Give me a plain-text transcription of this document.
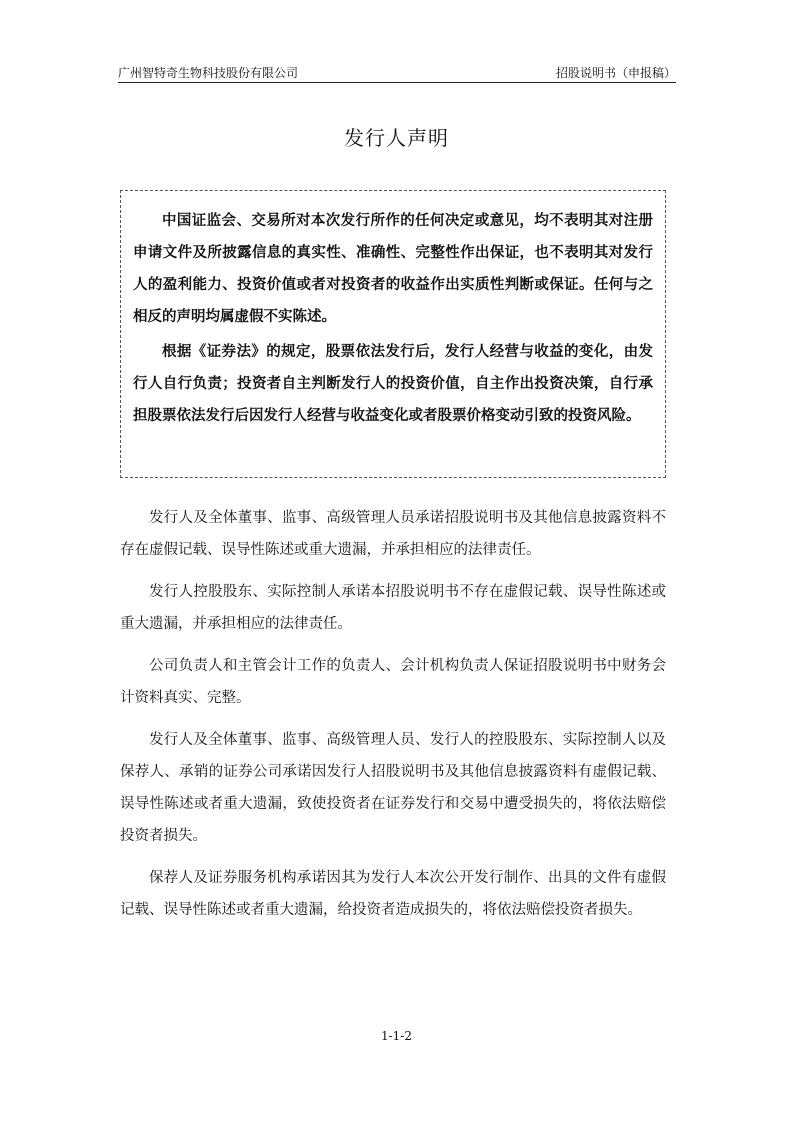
广州智特奇生物科技股份有限公司	招股说明书（申报稿）
发行人声明

中国证监会、交易所对本次发行所作的任何决定或意见，均不表明其对注册申请文件及所披露信息的真实性、准确性、完整性作出保证，也不表明其对发行人的盈利能力、投资价值或者对投资者的收益作出实质性判断或保证。任何与之相反的声明均属虚假不实陈述。

根据《证券法》的规定，股票依法发行后，发行人经营与收益的变化，由发行人自行负责；投资者自主判断发行人的投资价值，自主作出投资决策，自行承担股票依法发行后因发行人经营与收益变化或者股票价格变动引致的投资风险。

发行人及全体董事、监事、高级管理人员承诺招股说明书及其他信息披露资料不存在虚假记载、误导性陈述或重大遗漏，并承担相应的法律责任。

发行人控股股东、实际控制人承诺本招股说明书不存在虚假记载、误导性陈述或重大遗漏，并承担相应的法律责任。

公司负责人和主管会计工作的负责人、会计机构负责人保证招股说明书中财务会计资料真实、完整。

发行人及全体董事、监事、高级管理人员、发行人的控股股东、实际控制人以及保荐人、承销的证券公司承诺因发行人招股说明书及其他信息披露资料有虚假记载、误导性陈述或者重大遗漏，致使投资者在证券发行和交易中遭受损失的，将依法赔偿投资者损失。

保荐人及证券服务机构承诺因其为发行人本次公开发行制作、出具的文件有虚假记载、误导性陈述或者重大遗漏，给投资者造成损失的，将依法赔偿投资者损失。

1-1-2
